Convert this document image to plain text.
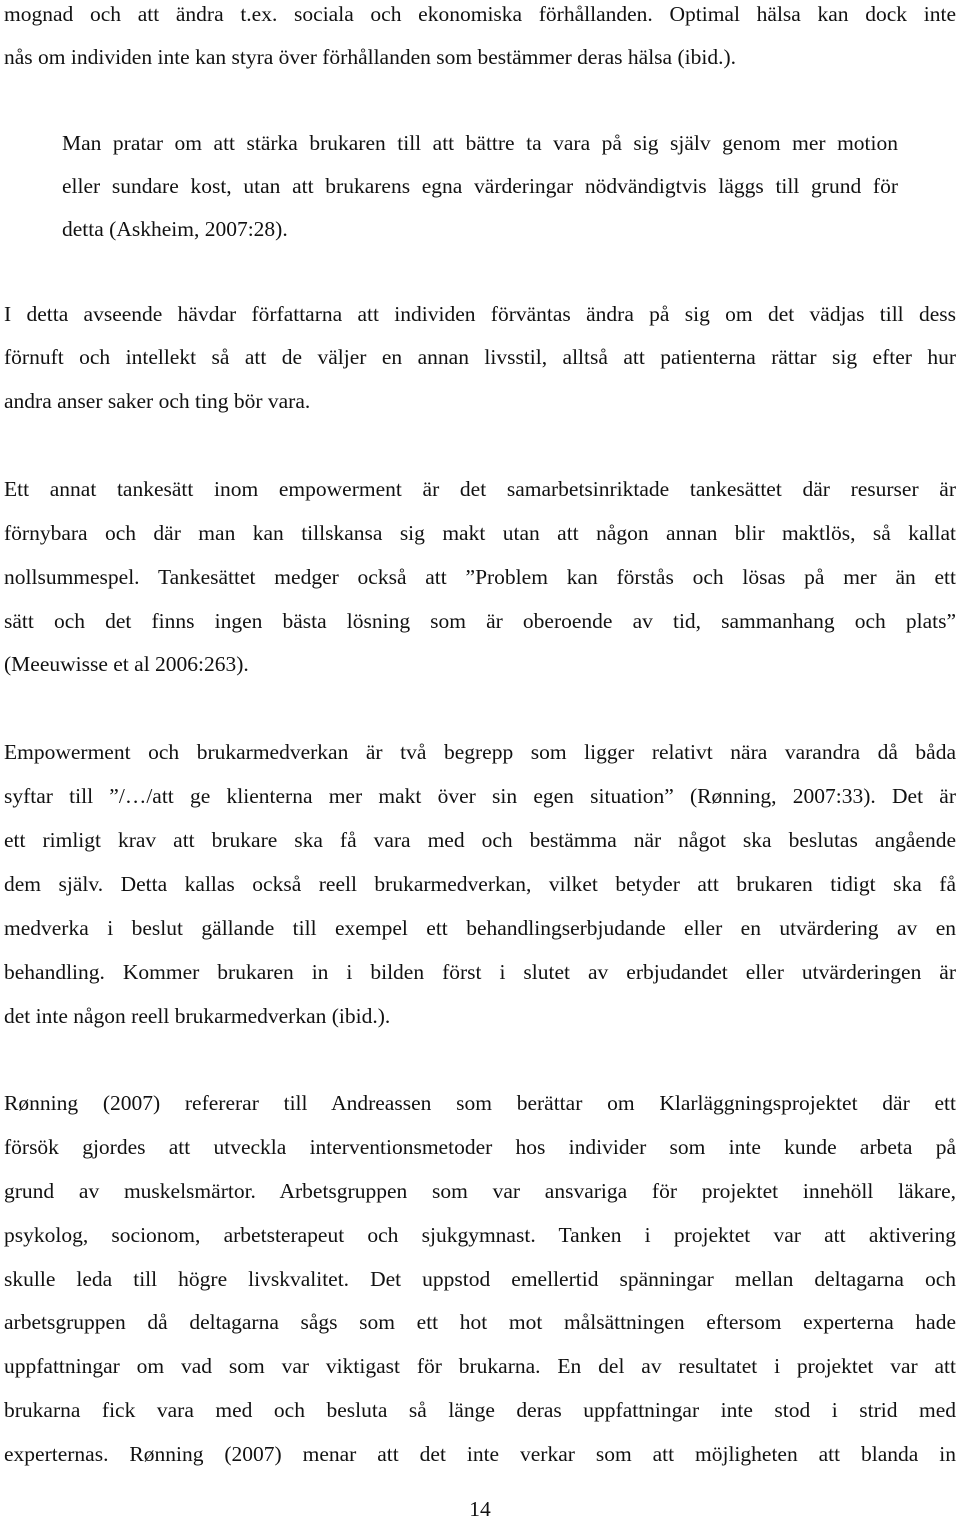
mognad och att ändra t.ex. sociala och ekonomiska förhållanden. Optimal hälsa kan dock inte
nås om individen inte kan styra över förhållanden som bestämmer deras hälsa (ibid.).
Man pratar om att stärka brukaren till att bättre ta vara på sig själv genom mer motion
eller sundare kost, utan att brukarens egna värderingar nödvändigtvis läggs till grund för
detta (Askheim, 2007:28).
I detta avseende hävdar författarna att individen förväntas ändra på sig om det vädjas till dess
förnuft och intellekt så att de väljer en annan livsstil, alltså att patienterna rättar sig efter hur
andra anser saker och ting bör vara.
Ett annat tankesätt inom empowerment är det samarbetsinriktade tankesättet där resurser är
förnybara och där man kan tillskansa sig makt utan att någon annan blir maktlös, så kallat
nollsummespel. Tankesättet medger också att ”Problem kan förstås och lösas på mer än ett
sätt och det finns ingen bästa lösning som är oberoende av tid, sammanhang och plats”
(Meeuwisse et al 2006:263).
Empowerment och brukarmedverkan är två begrepp som ligger relativt nära varandra då båda
syftar till ”/…/att ge klienterna mer makt över sin egen situation” (Rønning, 2007:33). Det är
ett rimligt krav att brukare ska få vara med och bestämma när något ska beslutas angående
dem själv. Detta kallas också reell brukarmedverkan, vilket betyder att brukaren tidigt ska få
medverka i beslut gällande till exempel ett behandlingserbjudande eller en utvärdering av en
behandling. Kommer brukaren in i bilden först i slutet av erbjudandet eller utvärderingen är
det inte någon reell brukarmedverkan (ibid.).
Rønning (2007) refererar till Andreassen som berättar om Klarläggningsprojektet där ett
försök gjordes att utveckla interventionsmetoder hos individer som inte kunde arbeta på
grund av muskelsmärtor. Arbetsgruppen som var ansvariga för projektet innehöll läkare,
psykolog, socionom, arbetsterapeut och sjukgymnast. Tanken i projektet var att aktivering
skulle leda till högre livskvalitet. Det uppstod emellertid spänningar mellan deltagarna och
arbetsgruppen då deltagarna sågs som ett hot mot målsättningen eftersom experterna hade
uppfattningar om vad som var viktigast för brukarna. En del av resultatet i projektet var att
brukarna fick vara med och besluta så länge deras uppfattningar inte stod i strid med
experternas. Rønning (2007) menar att det inte verkar som att möjligheten att blanda in
14
